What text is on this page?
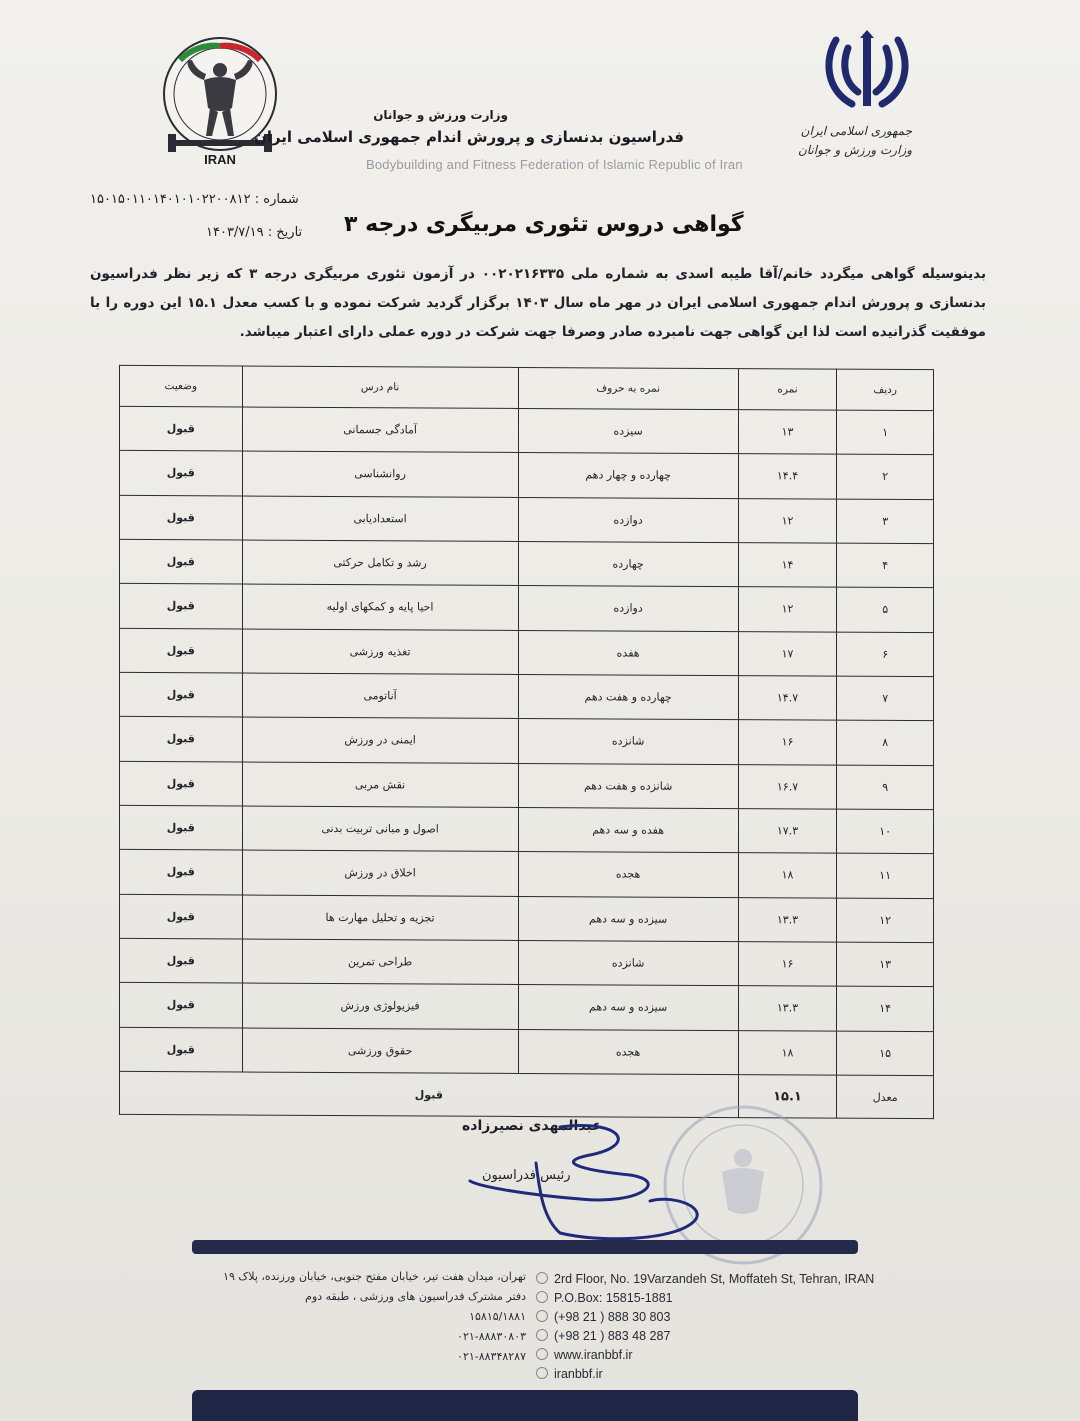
جمهوری اسلامی ایران
وزارت ورزش و جوانان
IRAN
وزارت ورزش و جوانان
فدراسیون بدنسازی و پرورش اندام جمهوری اسلامی ایران
Bodybuilding and Fitness Federation of Islamic Republic of Iran
شماره : ۱۵۰۱۵۰۱۱۰۱۴۰۱۰۱۰۲۲۰۰۸۱۲
تاریخ : ۱۴۰۳/۷/۱۹ گواهی دروس تئوری مربیگری درجه ۳
بدینوسیله گواهی میگردد خانم/آقا طیبه اسدی به شماره ملی ۰۰۲۰۲۱۶۳۳۵ در آزمون تئوری مربیگری درجه ۳ که زیر نظر فدراسیون بدنسازی و پرورش اندام جمهوری اسلامی ایران در مهر ماه سال ۱۴۰۳ برگزار گردید شرکت نموده و با کسب معدل ۱۵.۱ این دوره را با موفقیت گذرانیده است لذا این گواهی جهت نامبرده صادر وصرفا جهت شرکت در دوره عملی دارای اعتبار میباشد.
ردیف	نمره	نمره به حروف	نام درس	وضعیت
۱	۱۳	سیزده	آمادگی جسمانی	قبول
۲	۱۴.۴	چهارده و چهار دهم	روانشناسی	قبول
۳	۱۲	دوازده	استعدادیابی	قبول
۴	۱۴	چهارده	رشد و تکامل حرکتی	قبول
۵	۱۲	دوازده	احیا پایه و کمکهای اولیه	قبول
۶	۱۷	هفده	تغذیه ورزشی	قبول
۷	۱۴.۷	چهارده و هفت دهم	آناتومی	قبول
۸	۱۶	شانزده	ایمنی در ورزش	قبول
۹	۱۶.۷	شانزده و هفت دهم	نقش مربی	قبول
۱۰	۱۷.۳	هفده و سه دهم	اصول و مبانی تربیت بدنی	قبول
۱۱	۱۸	هجده	اخلاق در ورزش	قبول
۱۲	۱۳.۳	سیزده و سه دهم	تجزیه و تحلیل مهارت ها	قبول
۱۳	۱۶	شانزده	طراحی تمرین	قبول
۱۴	۱۳.۳	سیزده و سه دهم	فیزیولوژی ورزش	قبول
۱۵	۱۸	هجده	حقوق ورزشی	قبول
معدل	۱۵.۱	قبول		
عبدالمهدی نصیرزاده
رئیس فدراسیون
تهران، میدان هفت تیر، خیابان مفتح جنوبی، خیابان ورزنده، پلاک ۱۹
دفتر مشترک فدراسیون های ورزشی ، طبقه دوم
۱۵۸۱۵/۱۸۸۱
۰۲۱-۸۸۸۳۰۸۰۳
۰۲۱-۸۸۳۴۸۲۸۷
2rd Floor, No. 19Varzandeh St, Moffateh St, Tehran, IRAN
P.O.Box: 15815-1881
(+98 21 ) 888 30 803
(+98 21 ) 883 48 287
www.iranbbf.ir
iranbbf.ir
